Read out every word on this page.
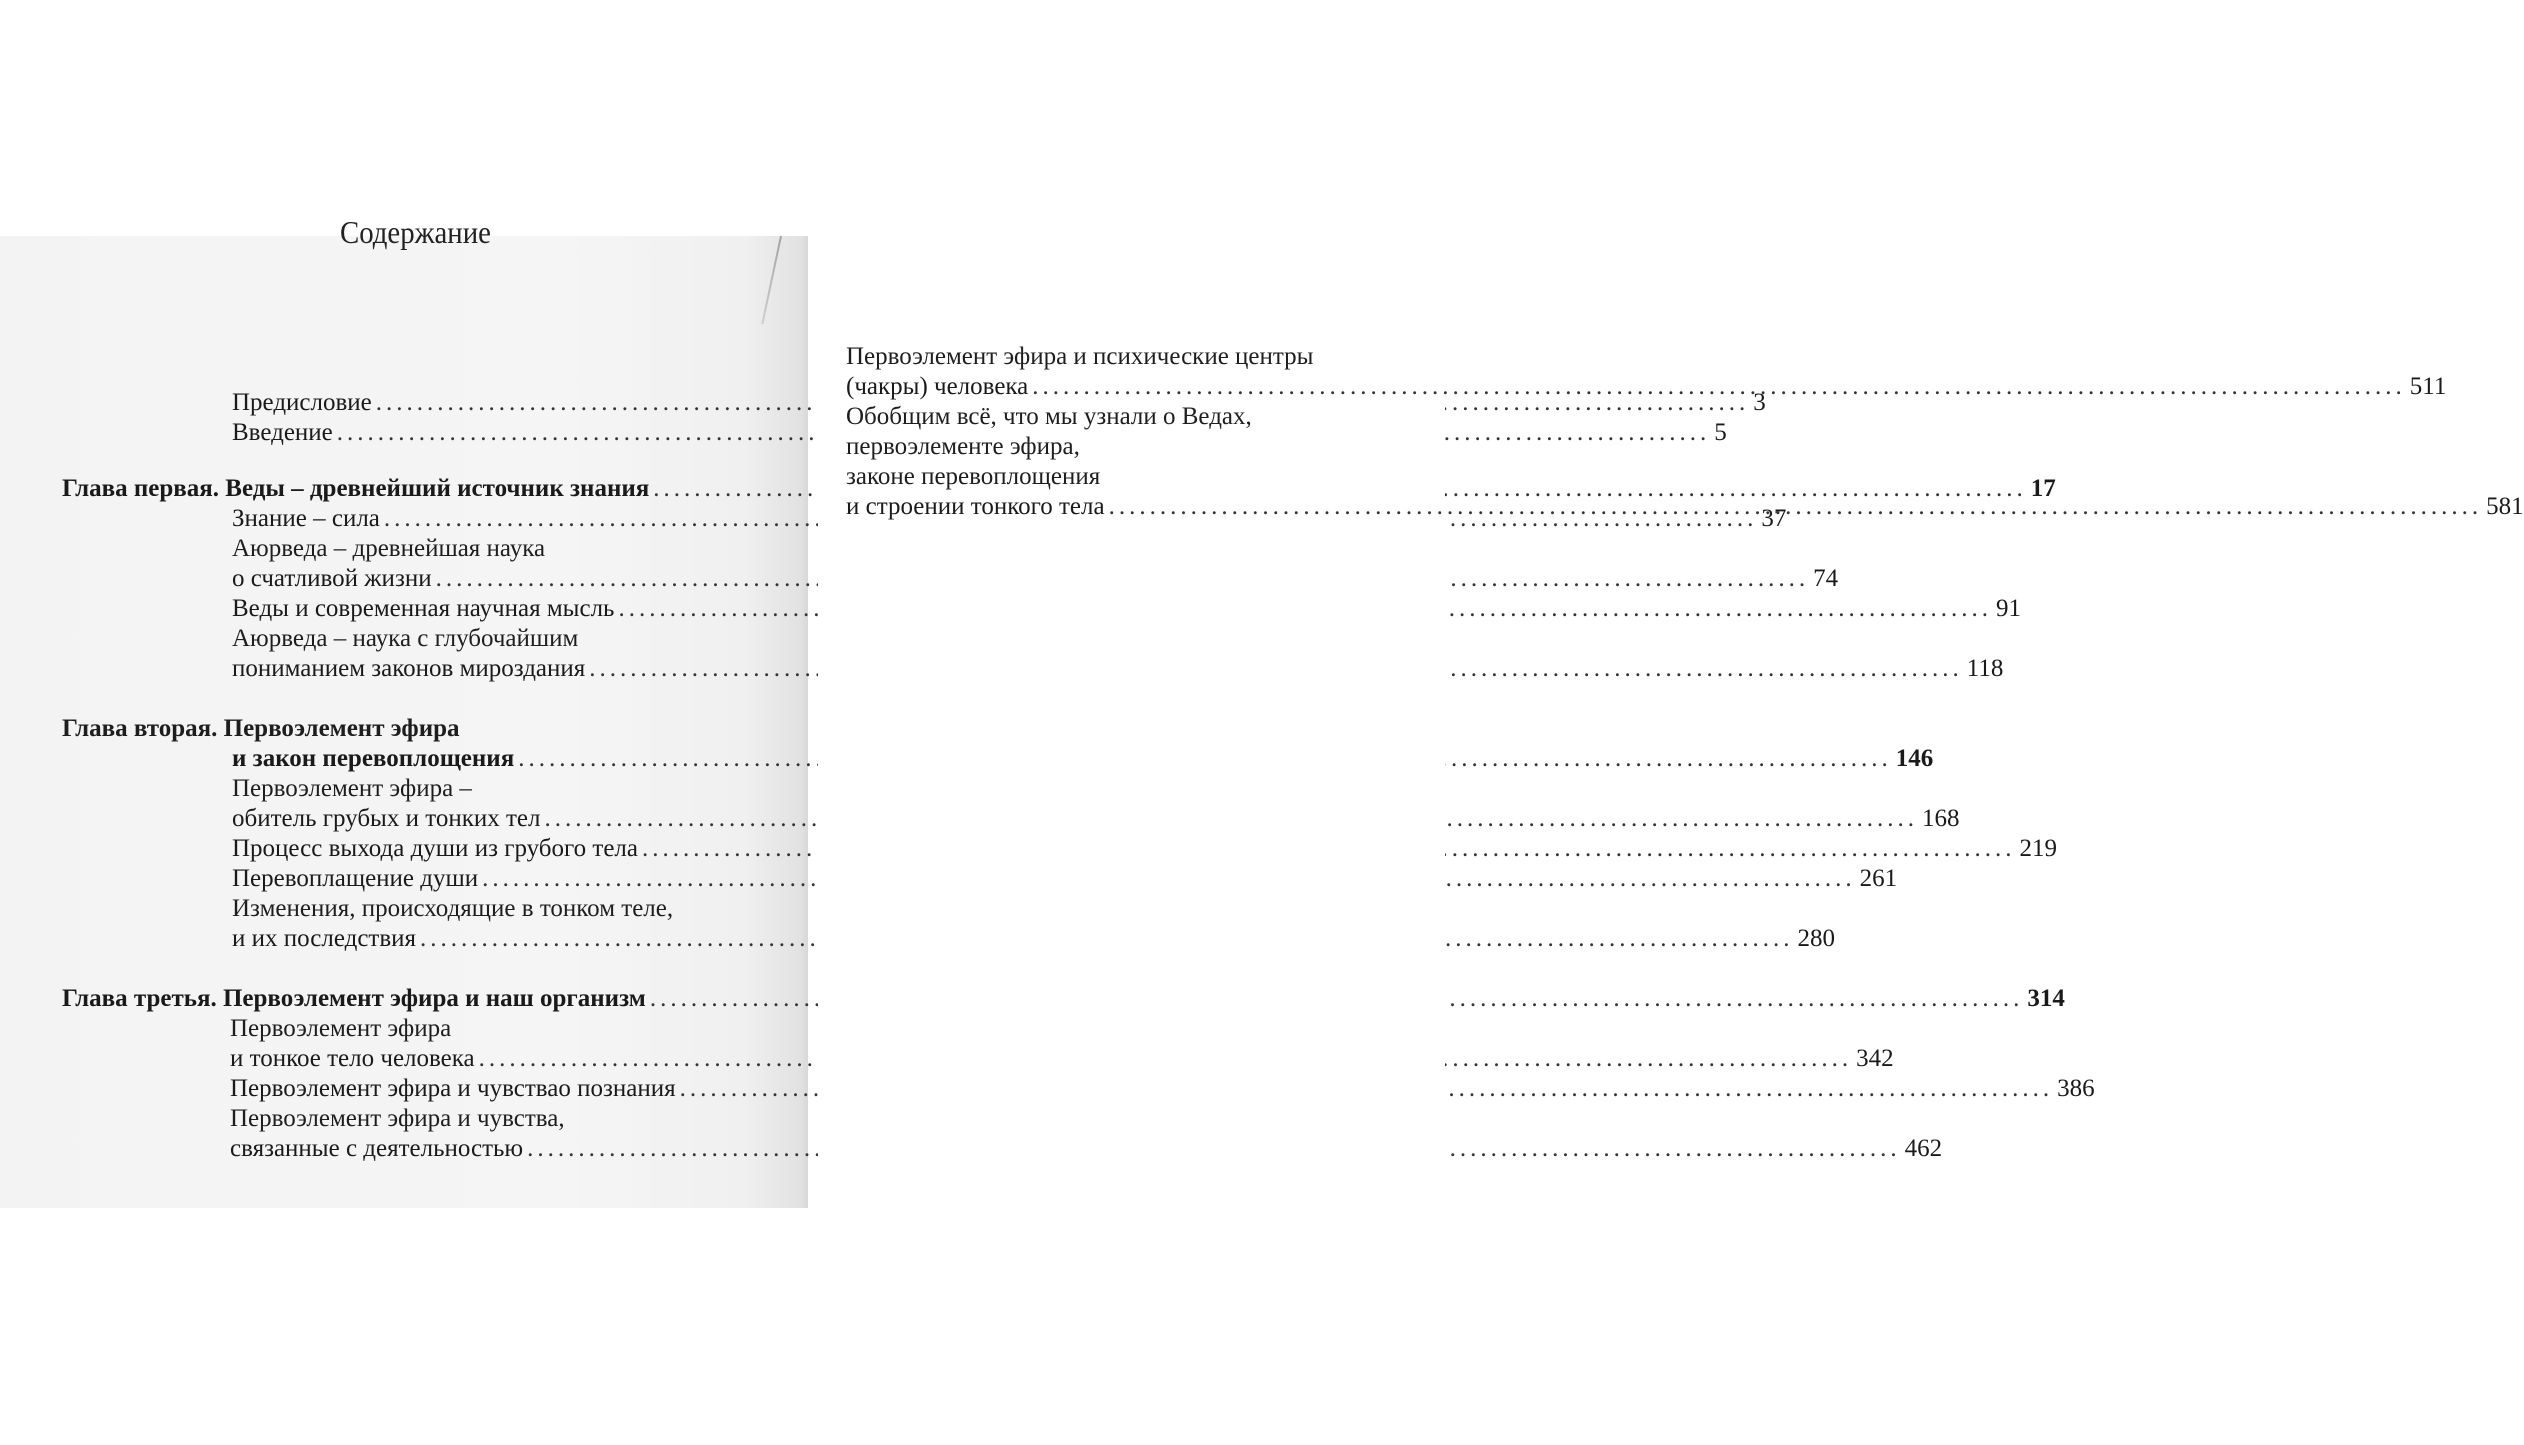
Содержание
Предисловие .....	3
Введение .....	5
Глава первая. Веды – древнейший источник знания .....	17
Знание – сила .....	37
Аюрведа – древнейшая наука
о счатливой жизни .....	74
Веды и современная научная мысль .....	91
Аюрведа – наука с глубочайшим
пониманием законов мироздания .....	118
Глава вторая. Первоэлемент эфира
и закон перевоплощения .....	146
Первоэлемент эфира –
обитель грубых и тонких тел .....	168
Процесс выхода души из грубого тела .....	219
Перевоплащение души .....	261
Изменения, происходящие в тонком теле,
и их последствия .....	280
Глава третья. Первоэлемент эфира и наш организм .....	314
Первоэлемент эфира
и тонкое тело человека .....	342
Первоэлемент эфира и чувствао познания .....	386
Первоэлемент эфира и чувства,
связанные с деятельностью .....	462
Первоэлемент эфира и психические центры
(чакры) человека .....	511
Обобщим всё, что мы узнали о Ведах,
первоэлементе эфира,
законе перевоплощения
и строении тонкого тела .....	581
